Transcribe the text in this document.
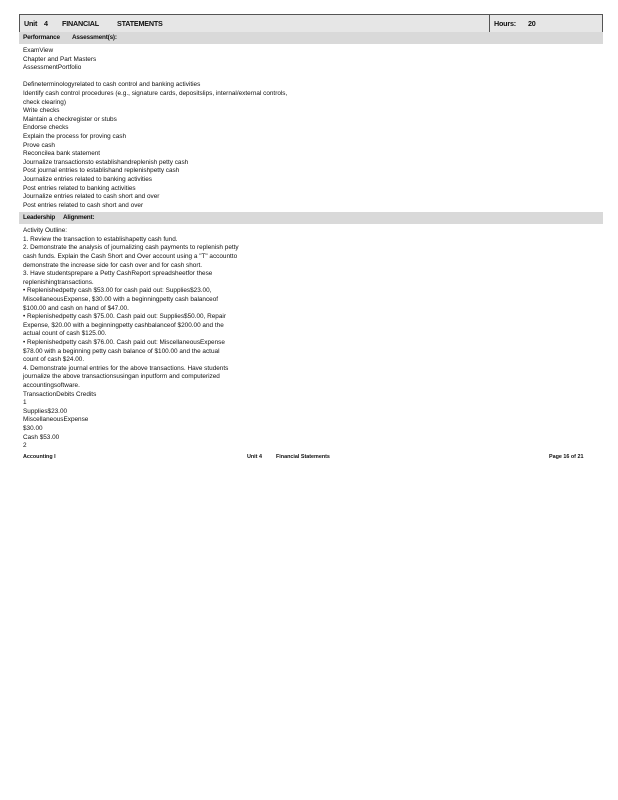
Unit 4 FINANCIAL	STATEMENTS	Hours: 20
Performance Assessment(s):
ExamView
Chapter and Part Masters
AssessmentPortfolio
Defineterminologyrelated to cash control and banking activities
Identify cash control procedures (e.g., signature cards, depositslips, internal/external controls,
check clearing)
Write checks
Maintain a checkregister or stubs
Endorse checks
Explain the process for proving cash
Prove cash
Reconcilea bank statement
Journalize transactionsto establishandreplenish petty cash
Post journal entries to establishand replenishpetty cash
Journalize entries related to banking activities
Post entries related to banking activities
Journalize entries related to cash short and over
Post entries related to cash short and over
Leadership Alignment:
Activity Outline:
1. Review the transaction to establishapetty cash fund.
2. Demonstrate the analysis of journalizing cash payments to replenish petty
cash funds. Explain the Cash Short and Over account using a "T" accountto
demonstrate the increase side for cash over and for cash short.
3. Have studentsprepare a Petty CashReport spreadsheetfor these
replenishingtransactions.
• Replenishedpetty cash $53.00 for cash paid out: Supplies$23.00,
MiscellaneousExpense, $30.00 with a beginningpetty cash balanceof
$100.00 and cash on hand of $47.00.
• Replenishedpetty cash $75.00. Cash paid out: Supplies$50.00, Repair
Expense, $20.00 with a beginningpetty cashbalanceof $200.00 and the
actual count of cash $125.00.
• Replenishedpetty cash $76.00. Cash paid out: MiscellaneousExpense
$78.00 with a beginning petty cash balance of $100.00 and the actual
count of cash $24.00.
4. Demonstrate journal entries for the above transactions. Have students
journalize the above transactionsusingan inputform and computerized
accountingsoftware.
TransactionDebits Credits
1
Supplies$23.00
MiscellaneousExpense
$30.00
Cash $53.00
2
Accounting I	Unit 4	Financial Statements	Page 16 of 21
